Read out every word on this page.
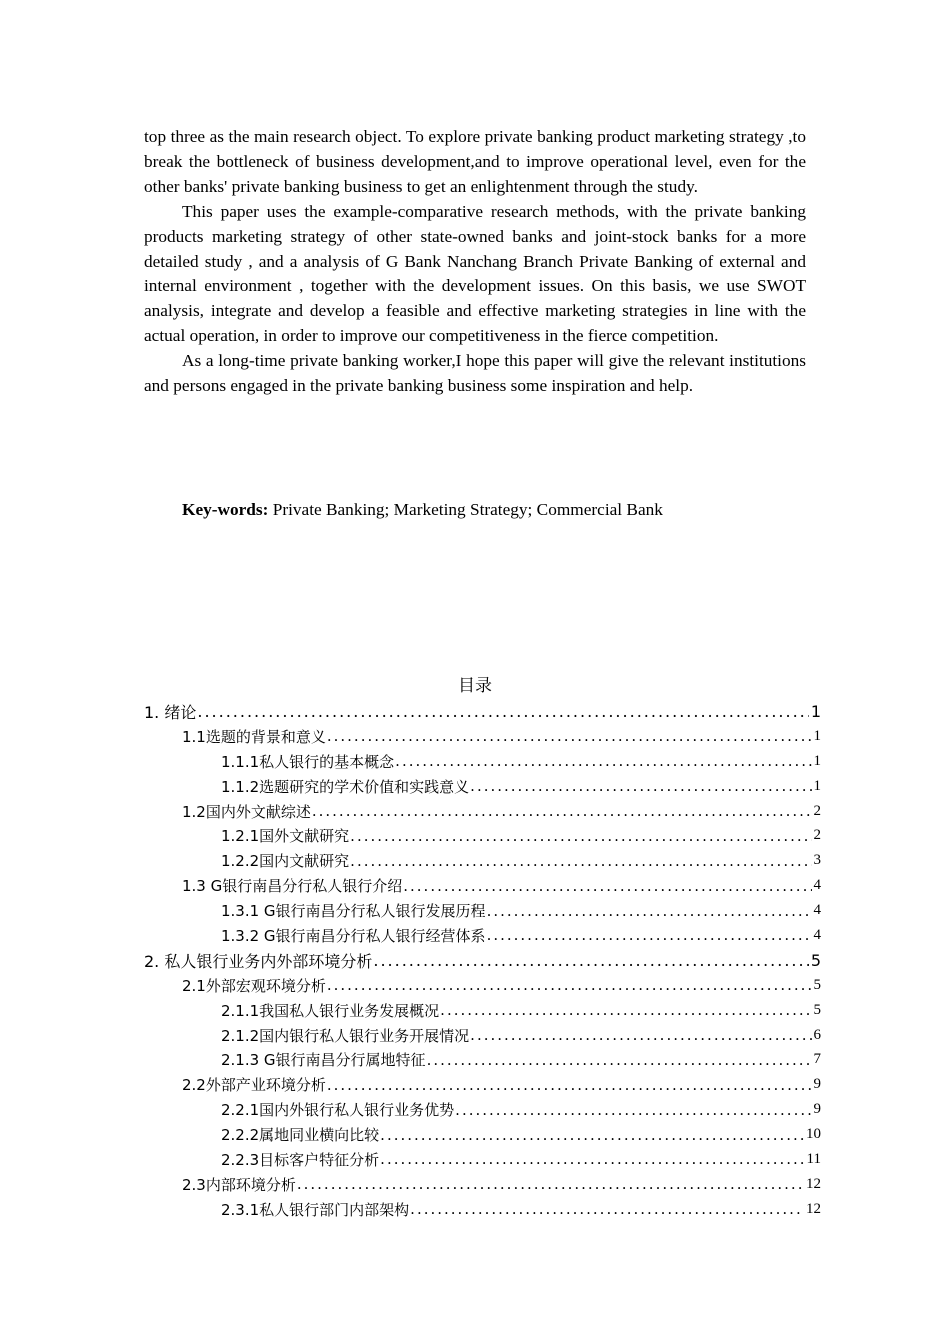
top three as the main research object. To explore private banking product marketing strategy ,to break the bottleneck of business development,and to improve operational level, even for the other banks' private banking business to get an enlightenment through the study.

This paper uses the example-comparative research methods, with the private banking products marketing strategy of other state-owned banks and joint-stock banks for a more detailed study , and a analysis of G Bank Nanchang Branch Private Banking of external and internal environment , together with the development issues. On this basis, we use SWOT analysis, integrate and develop a feasible and effective marketing strategies in line with the actual operation, in order to improve our competitiveness in the fierce competition.

As a long-time private banking worker,I hope this paper will give the relevant institutions and persons engaged in the private banking business some inspiration and help.

Key-words: Private Banking; Marketing Strategy; Commercial Bank
目录
1. 绪论 .....	1
1.1选题的背景和意义 .....	1
1.1.1私人银行的基本概念 .....	1
1.1.2选题研究的学术价值和实践意义 .....	1
1.2国内外文献综述 .....	2
1.2.1国外文献研究 .....	2
1.2.2国内文献研究 .....	3
1.3 G银行南昌分行私人银行介绍 .....	4
1.3.1 G银行南昌分行私人银行发展历程 .....	4
1.3.2 G银行南昌分行私人银行经营体系 .....	4
2. 私人银行业务内外部环境分析 .....	5
2.1外部宏观环境分析 .....	5
2.1.1我国私人银行业务发展概况 .....	5
2.1.2国内银行私人银行业务开展情况 .....	6
2.1.3 G银行南昌分行属地特征 .....	7
2.2外部产业环境分析 .....	9
2.2.1国内外银行私人银行业务优势 .....	9
2.2.2属地同业横向比较 .....	10
2.2.3目标客户特征分析 .....	11
2.3内部环境分析 .....	12
2.3.1私人银行部门内部架构 .....	12
